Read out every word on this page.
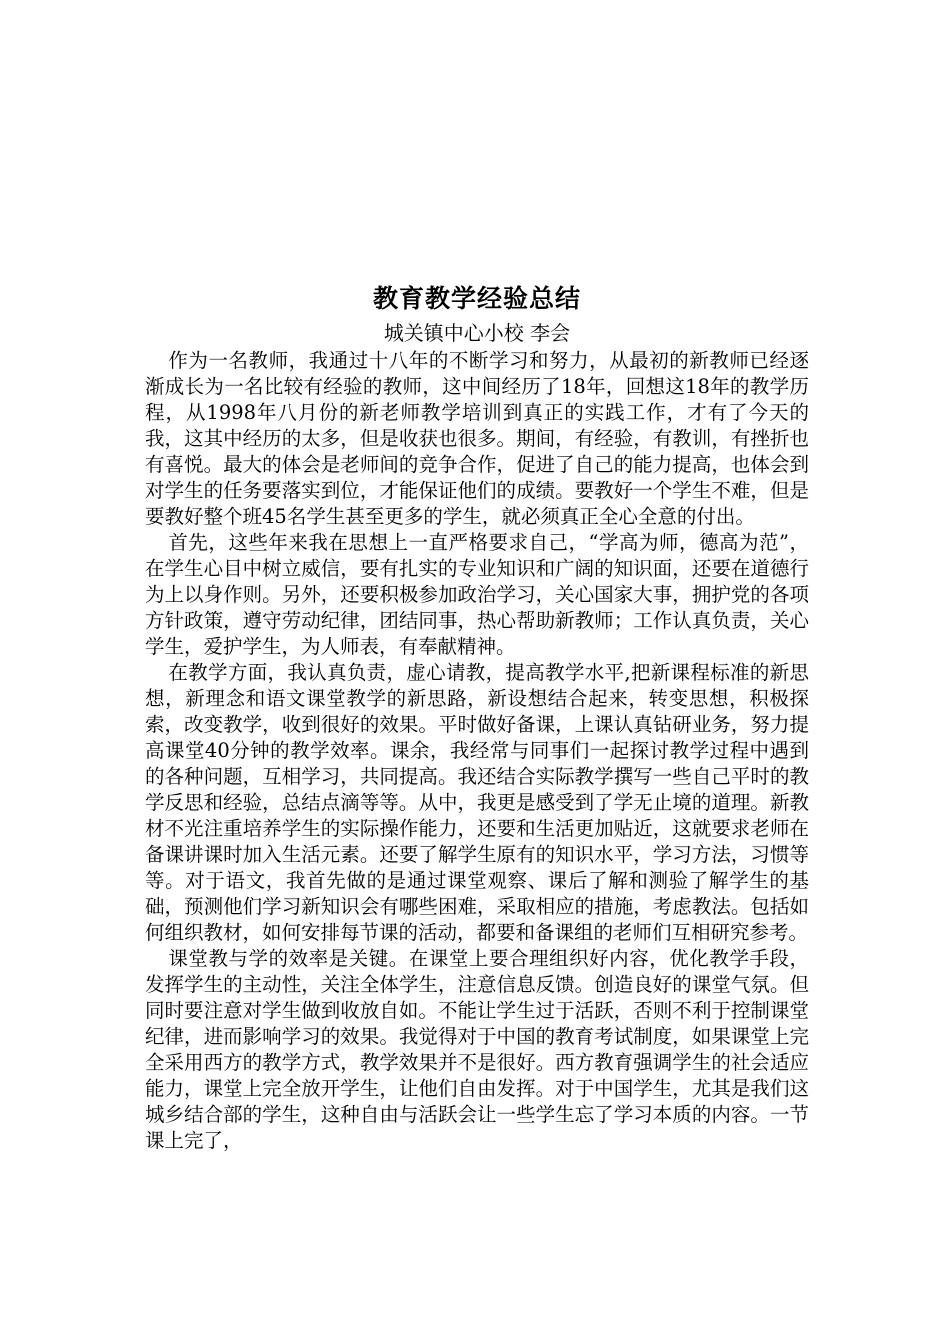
教育教学经验总结
城关镇中心小校 李会

作为一名教师，我通过十八年的不断学习和努力，从最初的新教师已经逐渐成长为一名比较有经验的教师，这中间经历了18年，回想这18年的教学历程，从1998年八月份的新老师教学培训到真正的实践工作，才有了今天的我，这其中经历的太多，但是收获也很多。期间，有经验，有教训，有挫折也有喜悦。最大的体会是老师间的竞争合作，促进了自己的能力提高，也体会到对学生的任务要落实到位，才能保证他们的成绩。要教好一个学生不难，但是要教好整个班45名学生甚至更多的学生，就必须真正全心全意的付出。

首先，这些年来我在思想上一直严格要求自己，“学高为师，德高为范”，在学生心目中树立威信，要有扎实的专业知识和广阔的知识面，还要在道德行为上以身作则。另外，还要积极参加政治学习，关心国家大事，拥护党的各项方针政策，遵守劳动纪律，团结同事，热心帮助新教师；工作认真负责，关心学生，爱护学生，为人师表，有奉献精神。

在教学方面，我认真负责，虚心请教，提高教学水平,把新课程标准的新思想，新理念和语文课堂教学的新思路，新设想结合起来，转变思想，积极探索，改变教学，收到很好的效果。平时做好备课，上课认真钻研业务，努力提高课堂40分钟的教学效率。课余，我经常与同事们一起探讨教学过程中遇到的各种问题，互相学习，共同提高。我还结合实际教学撰写一些自己平时的教学反思和经验，总结点滴等等。从中，我更是感受到了学无止境的道理。新教材不光注重培养学生的实际操作能力，还要和生活更加贴近，这就要求老师在备课讲课时加入生活元素。还要了解学生原有的知识水平，学习方法，习惯等等。对于语文，我首先做的是通过课堂观察、课后了解和测验了解学生的基础，预测他们学习新知识会有哪些困难，采取相应的措施，考虑教法。包括如何组织教材，如何安排每节课的活动，都要和备课组的老师们互相研究参考。

课堂教与学的效率是关键。在课堂上要合理组织好内容，优化教学手段，发挥学生的主动性，关注全体学生，注意信息反馈。创造良好的课堂气氛。但同时要注意对学生做到收放自如。不能让学生过于活跃，否则不利于控制课堂纪律，进而影响学习的效果。我觉得对于中国的教育考试制度，如果课堂上完全采用西方的教学方式，教学效果并不是很好。西方教育强调学生的社会适应能力，课堂上完全放开学生，让他们自由发挥。对于中国学生，尤其是我们这城乡结合部的学生，这种自由与活跃会让一些学生忘了学习本质的内容。一节课上完了，
